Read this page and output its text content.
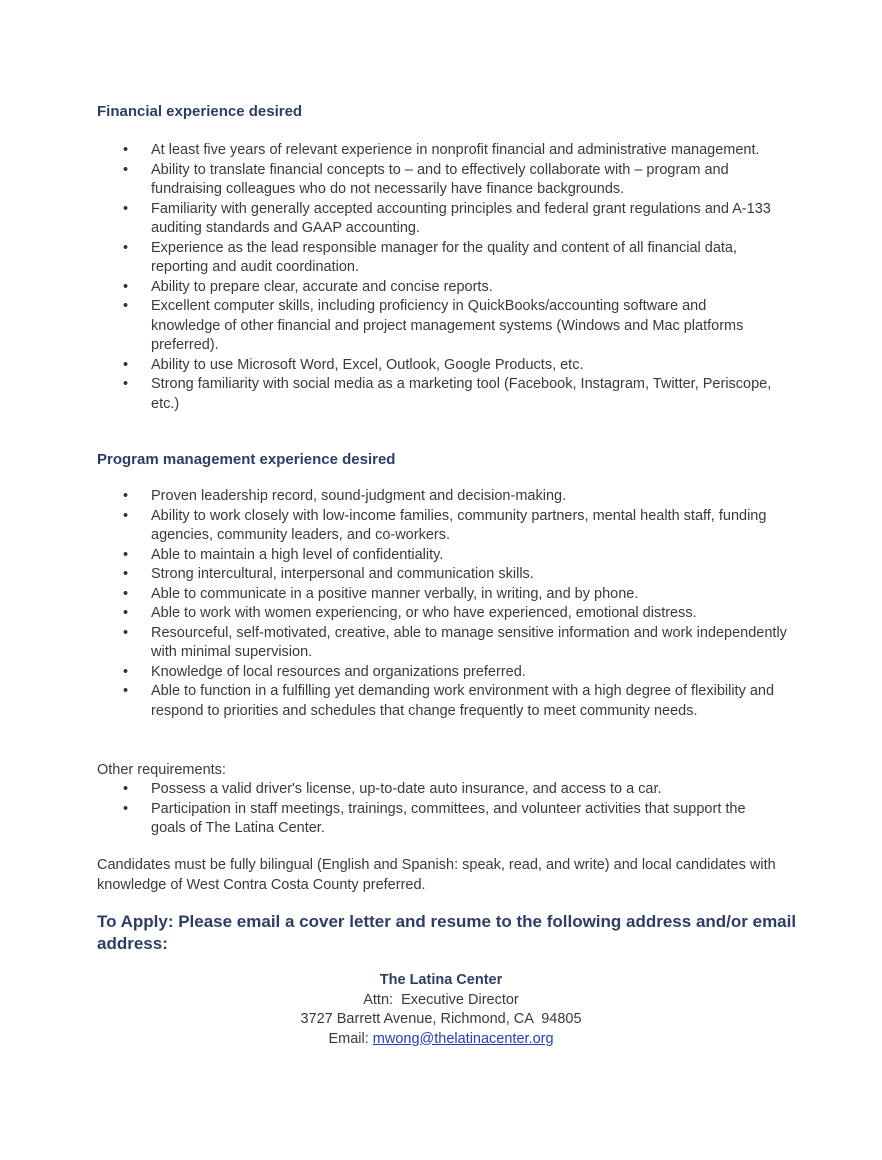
Financial experience desired
• At least five years of relevant experience in nonprofit financial and administrative management.
• Ability to translate financial concepts to – and to effectively collaborate with – program and fundraising colleagues who do not necessarily have finance backgrounds.
• Familiarity with generally accepted accounting principles and federal grant regulations and A-133 auditing standards and GAAP accounting.
• Experience as the lead responsible manager for the quality and content of all financial data, reporting and audit coordination.
• Ability to prepare clear, accurate and concise reports.
• Excellent computer skills, including proficiency in QuickBooks/accounting software and knowledge of other financial and project management systems (Windows and Mac platforms preferred).
• Ability to use Microsoft Word, Excel, Outlook, Google Products, etc.
• Strong familiarity with social media as a marketing tool (Facebook, Instagram, Twitter, Periscope, etc.)
Program management experience desired
• Proven leadership record, sound-judgment and decision-making.
• Ability to work closely with low-income families, community partners, mental health staff, funding agencies, community leaders, and co-workers.
• Able to maintain a high level of confidentiality.
• Strong intercultural, interpersonal and communication skills.
• Able to communicate in a positive manner verbally, in writing, and by phone.
• Able to work with women experiencing, or who have experienced, emotional distress.
• Resourceful, self-motivated, creative, able to manage sensitive information and work independently with minimal supervision.
• Knowledge of local resources and organizations preferred.
• Able to function in a fulfilling yet demanding work environment with a high degree of flexibility and respond to priorities and schedules that change frequently to meet community needs.

Other requirements:

• Possess a valid driver's license, up-to-date auto insurance, and access to a car.
• Participation in staff meetings, trainings, committees, and volunteer activities that support the goals of The Latina Center.

Candidates must be fully bilingual (English and Spanish: speak, read, and write) and local candidates with knowledge of West Contra Costa County preferred.

To Apply: Please email a cover letter and resume to the following address and/or email address:

The Latina Center
Attn:  Executive Director
3727 Barrett Avenue, Richmond, CA  94805
Email: mwong@thelatinacenter.org
